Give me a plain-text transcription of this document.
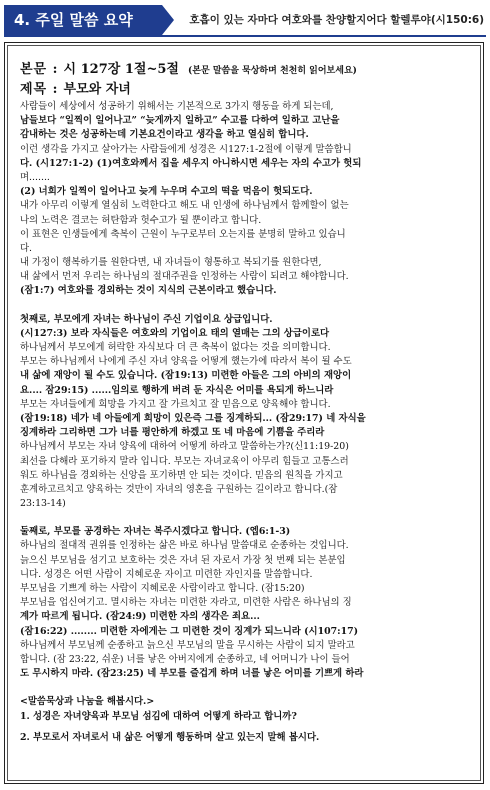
4. 주일 말씀 요약	호흡이 있는 자마다 여호와를 찬양할지어다 할렐루야(시150:6)
본문 : 시 127장 1절~5절 (본문 말씀을 묵상하며 천천히 읽어보세요)
제목 : 부모와 자녀
사람들이 세상에서 성공하기 위해서는 기본적으로 3가지 행동을 하게 되는데,
남들보다 “일찍이 일어나고” “늦게까지 일하고” 수고를 다하여 일하고 고난을
감내하는 것은 성공하는데 기본요건이라고 생각을 하고 열심히 합니다.
이런 생각을 가지고 살아가는 사람들에게 성경은 시127:1-2절에 이렇게 말씀합니
다. (시127:1-2) (1)여호와께서 집을 세우지 아니하시면 세우는 자의 수고가 헛되
며.......
(2) 너희가 일찍이 일어나고 늦게 누우며 수고의 떡을 먹음이 헛되도다.
내가 아무리 이렇게 열심히 노력한다고 해도 내 인생에 하나님께서 함께할이 없는
나의 노력은 결코는 허탄함과 헛수고가 될 뿐이라고 합니다.
이 표현은 인생들에게 축복이 근원이 누구로부터 오는지를 분명히 말하고 있습니
다.
내 가정이 행복하기를 원한다면, 내 자녀들이 형통하고 복되기를 원한다면,
내 삶에서 먼저 우리는 하나님의 절대주권을 인정하는 사람이 되려고 해야합니다.
(잠1:7) 여호와를 경외하는 것이 지식의 근본이라고 했습니다.
첫째로, 부모에게 자녀는 하나님이 주신 기업이요 상급입니다.
(시127:3) 보라 자식들은 여호와의 기업이요 태의 열매는 그의 상급이로다
하나님께서 부모에게 허락한 자식보다 더 큰 축복이 없다는 것을 의미합니다.
부모는 하나님께서 나에게 주신 자녀 양육을 어떻게 했는가에 따라서 복이 될 수도
내 삶에 재앙이 될 수도 있습니다. (잠19:13) 미련한 아들은 그의 아비의 재앙이
요.... 잠29:15) ......임의로 행하게 버려 둔 자식은 어미를 욕되게 하느니라
부모는 자녀들에게 희망을 가지고 잘 가르치고 잘 믿음으로 양육해야 합니다.
(잠19:18) 네가 네 아들에게 희망이 있은즉 그를 징계하되... (잠29:17) 네 자식을
징계하라 그리하면 그가 너를 평안하게 하겠고 또 네 마음에 기쁨을 주리라
하나님께서 부모는 자녀 양육에 대하여 어떻게 하라고 말씀하는가?(신11:19-20)
최선을 다해라 포기하지 말라 입니다. 부모는 자녀교육이 아무리 힘들고 고통스러
워도 하나님을 경외하는 신앙을 포기하면 안 되는 것이다. 믿음의 원칙을 가지고
훈계하고르치고 양육하는 것만이 자녀의 영혼을 구원하는 길이라고 합니다.(잠
23:13-14)
둘째로, 부모를 공경하는 자녀는 복주시겠다고 합니다. (엡6:1-3)
하나님의 절대적 권위를 인정하는 삶은 바로 하나님 말씀대로 순종하는 것입니다.
늙으신 부모님을 섬기고 보호하는 것은 자녀 된 자로서 가장 첫 번째 되는 본분입
니다. 성경은 어떤 사람이 지혜로운 자이고 미련한 자인지를 말씀합니다.
부모님을 기쁘게 하는 사람이 지혜로운 사람이라고 합니다. (잠15:20)
부모님을 업신여기고. 멸시하는 자녀는 미련한 자라고, 미련한 사람은 하나님의 징
계가 따르게 됩니다. (잠24:9) 미련한 자의 생각은 죄요...
(잠16:22) ........ 미련한 자에게는 그 미련한 것이 징계가 되느니라 (시107:17)
하나님께서 부모님께 순종하고 늙으신 부모님의 말을 무시하는 사람이 되지 말라고
합니다. (잠 23:22, 쉬운) 너를 낳은 아버지에게 순종하고, 네 어머니가 나이 들어
도 무시하지 마라. (잠23:25) 네 부모를 즐겁게 하며 너를 낳은 어미를 기쁘게 하라
<말씀묵상과 나눔을 해봅시다.>
1. 성경은 자녀양육과 부모님 섬김에 대하여 어떻게 하라고 합니까?
2. 부모로서 자녀로서 내 삶은 어떻게 행동하며 살고 있는지 말해 봅시다.
